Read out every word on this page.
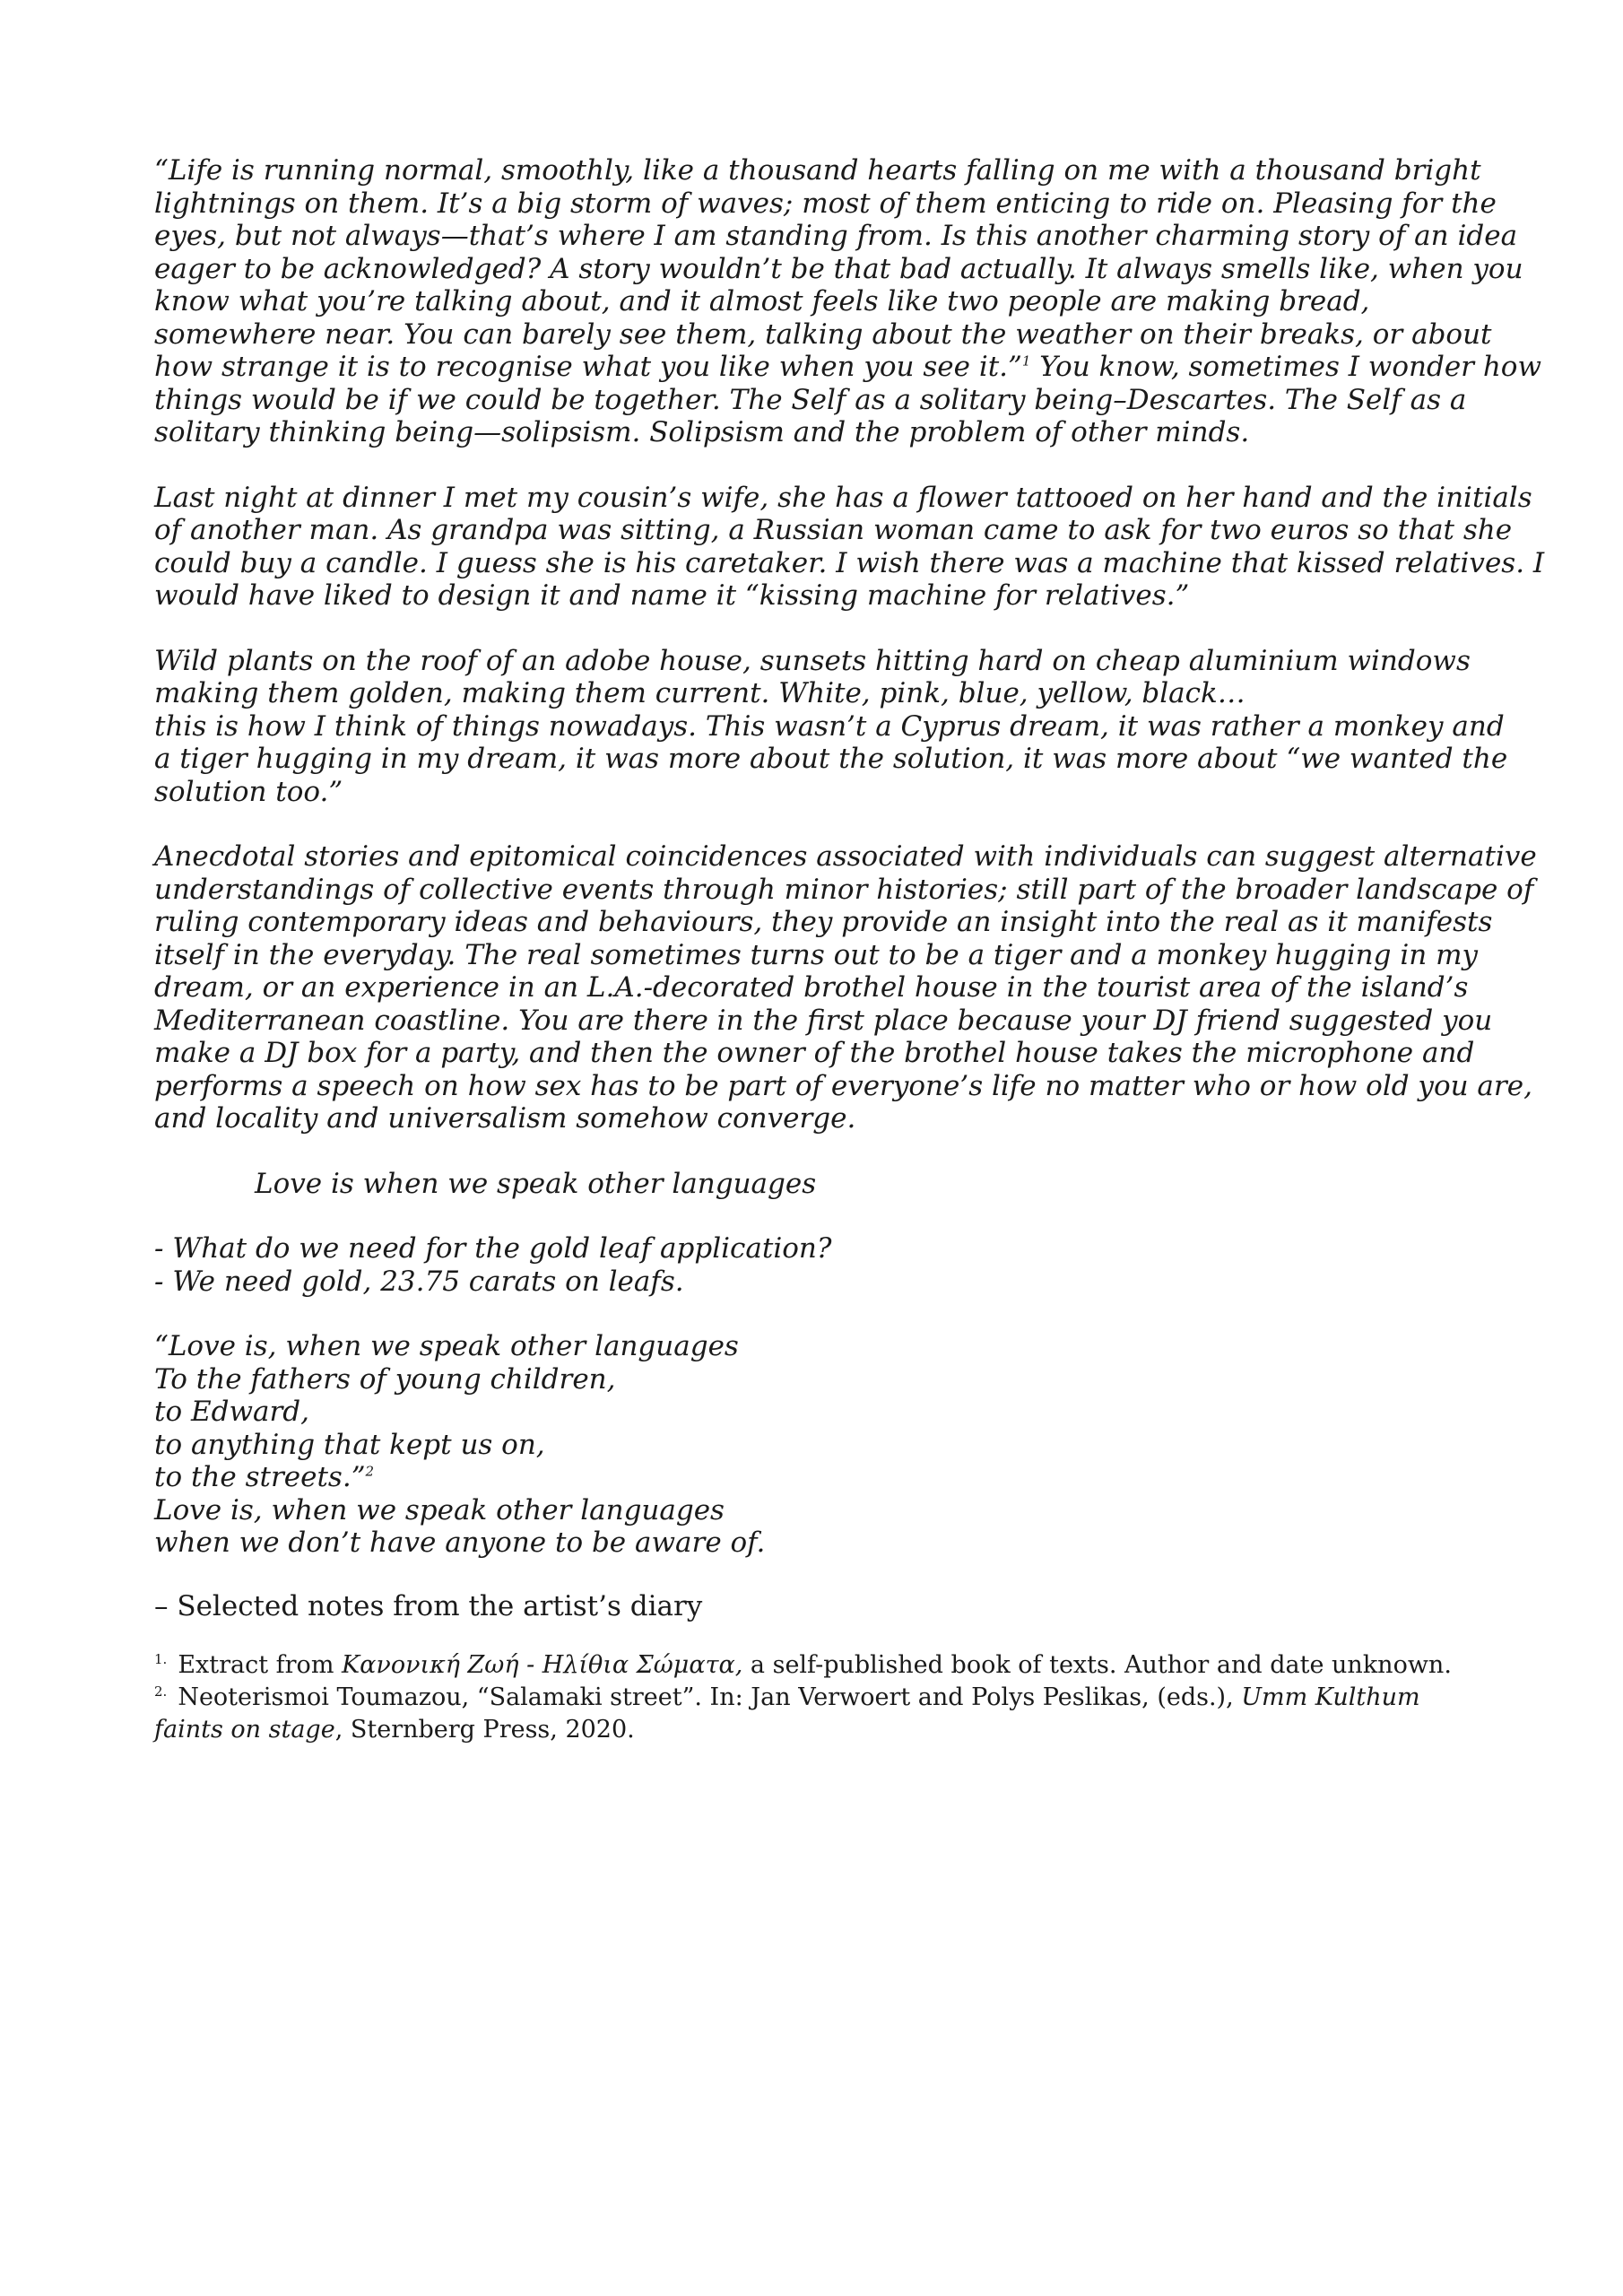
“Life is running normal, smoothly, like a thousand hearts falling on me with a thousand bright
lightnings on them. It’s a big storm of waves; most of them enticing to ride on. Pleasing for the
eyes, but not always—that’s where I am standing from. Is this another charming story of an idea
eager to be acknowledged? A story wouldn’t be that bad actually. It always smells like, when you
know what you’re talking about, and it almost feels like two people are making bread,
somewhere near. You can barely see them, talking about the weather on their breaks, or about
how strange it is to recognise what you like when you see it.”$^1$ You know, sometimes I wonder how
things would be if we could be together. The Self as a solitary being–Descartes. The Self as a
solitary thinking being—solipsism. Solipsism and the problem of other minds.

Last night at dinner I met my cousin’s wife, she has a flower tattooed on her hand and the initials
of another man. As grandpa was sitting, a Russian woman came to ask for two euros so that she
could buy a candle. I guess she is his caretaker. I wish there was a machine that kissed relatives. I
would have liked to design it and name it “kissing machine for relatives.”

Wild plants on the roof of an adobe house, sunsets hitting hard on cheap aluminium windows
making them golden, making them current. White, pink, blue, yellow, black…
this is how I think of things nowadays. This wasn’t a Cyprus dream, it was rather a monkey and
a tiger hugging in my dream, it was more about the solution, it was more about “we wanted the
solution too.”

Anecdotal stories and epitomical coincidences associated with individuals can suggest alternative
understandings of collective events through minor histories; still part of the broader landscape of
ruling contemporary ideas and behaviours, they provide an insight into the real as it manifests
itself in the everyday. The real sometimes turns out to be a tiger and a monkey hugging in my
dream, or an experience in an L.A.-decorated brothel house in the tourist area of the island’s
Mediterranean coastline. You are there in the first place because your DJ friend suggested you
make a DJ box for a party, and then the owner of the brothel house takes the microphone and
performs a speech on how sex has to be part of everyone’s life no matter who or how old you are,
and locality and universalism somehow converge.

Love is when we speak other languages

- What do we need for the gold leaf application?
- We need gold, 23.75 carats on leafs.

“Love is, when we speak other languages
To the fathers of young children,
to Edward,
to anything that kept us on,
to the streets.”$^2$
Love is, when we speak other languages
when we don’t have anyone to be aware of.

– Selected notes from the artist’s diary

$^{1.}$ Extract from Κανονική Ζωή - Ηλίθια Σώματα, a self-published book of texts. Author and date unknown.
$^{2.}$ Neoterismoi Toumazou, “Salamaki street”. In: Jan Verwoert and Polys Peslikas, (eds.), Umm Kulthum
faints on stage, Sternberg Press, 2020.
